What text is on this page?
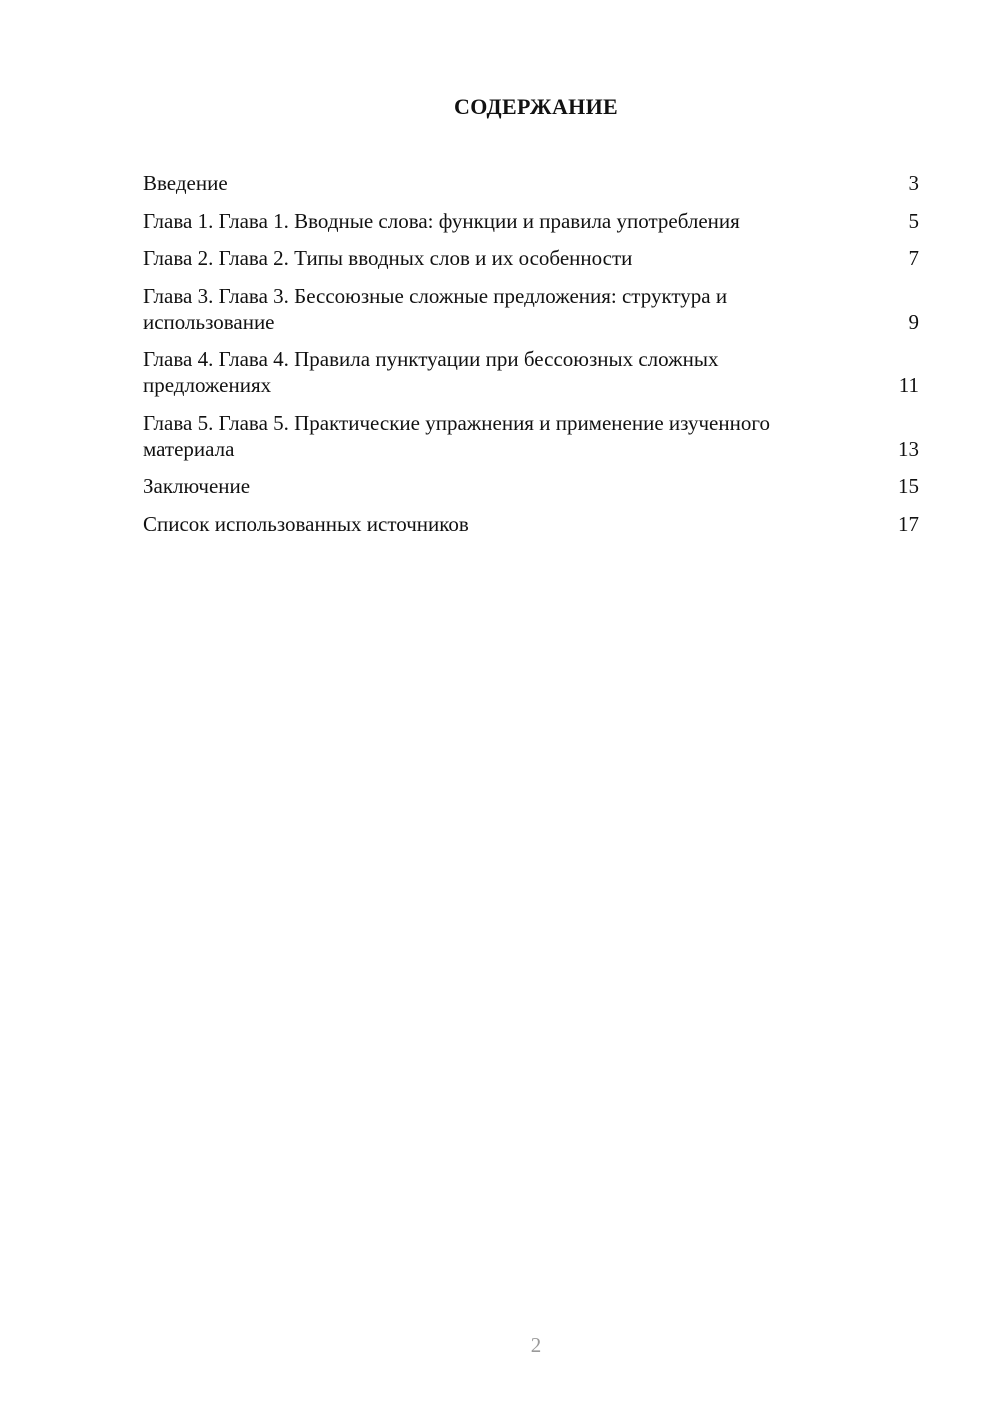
СОДЕРЖАНИЕ
Введение	3
Глава 1. Глава 1. Вводные слова: функции и правила употребления	5
Глава 2. Глава 2. Типы вводных слов и их особенности	7
Глава 3. Глава 3. Бессоюзные сложные предложения: структура и использование	9
Глава 4. Глава 4. Правила пунктуации при бессоюзных сложных предложениях	11
Глава 5. Глава 5. Практические упражнения и применение изученного материала	13
Заключение	15
Список использованных источников	17
2
